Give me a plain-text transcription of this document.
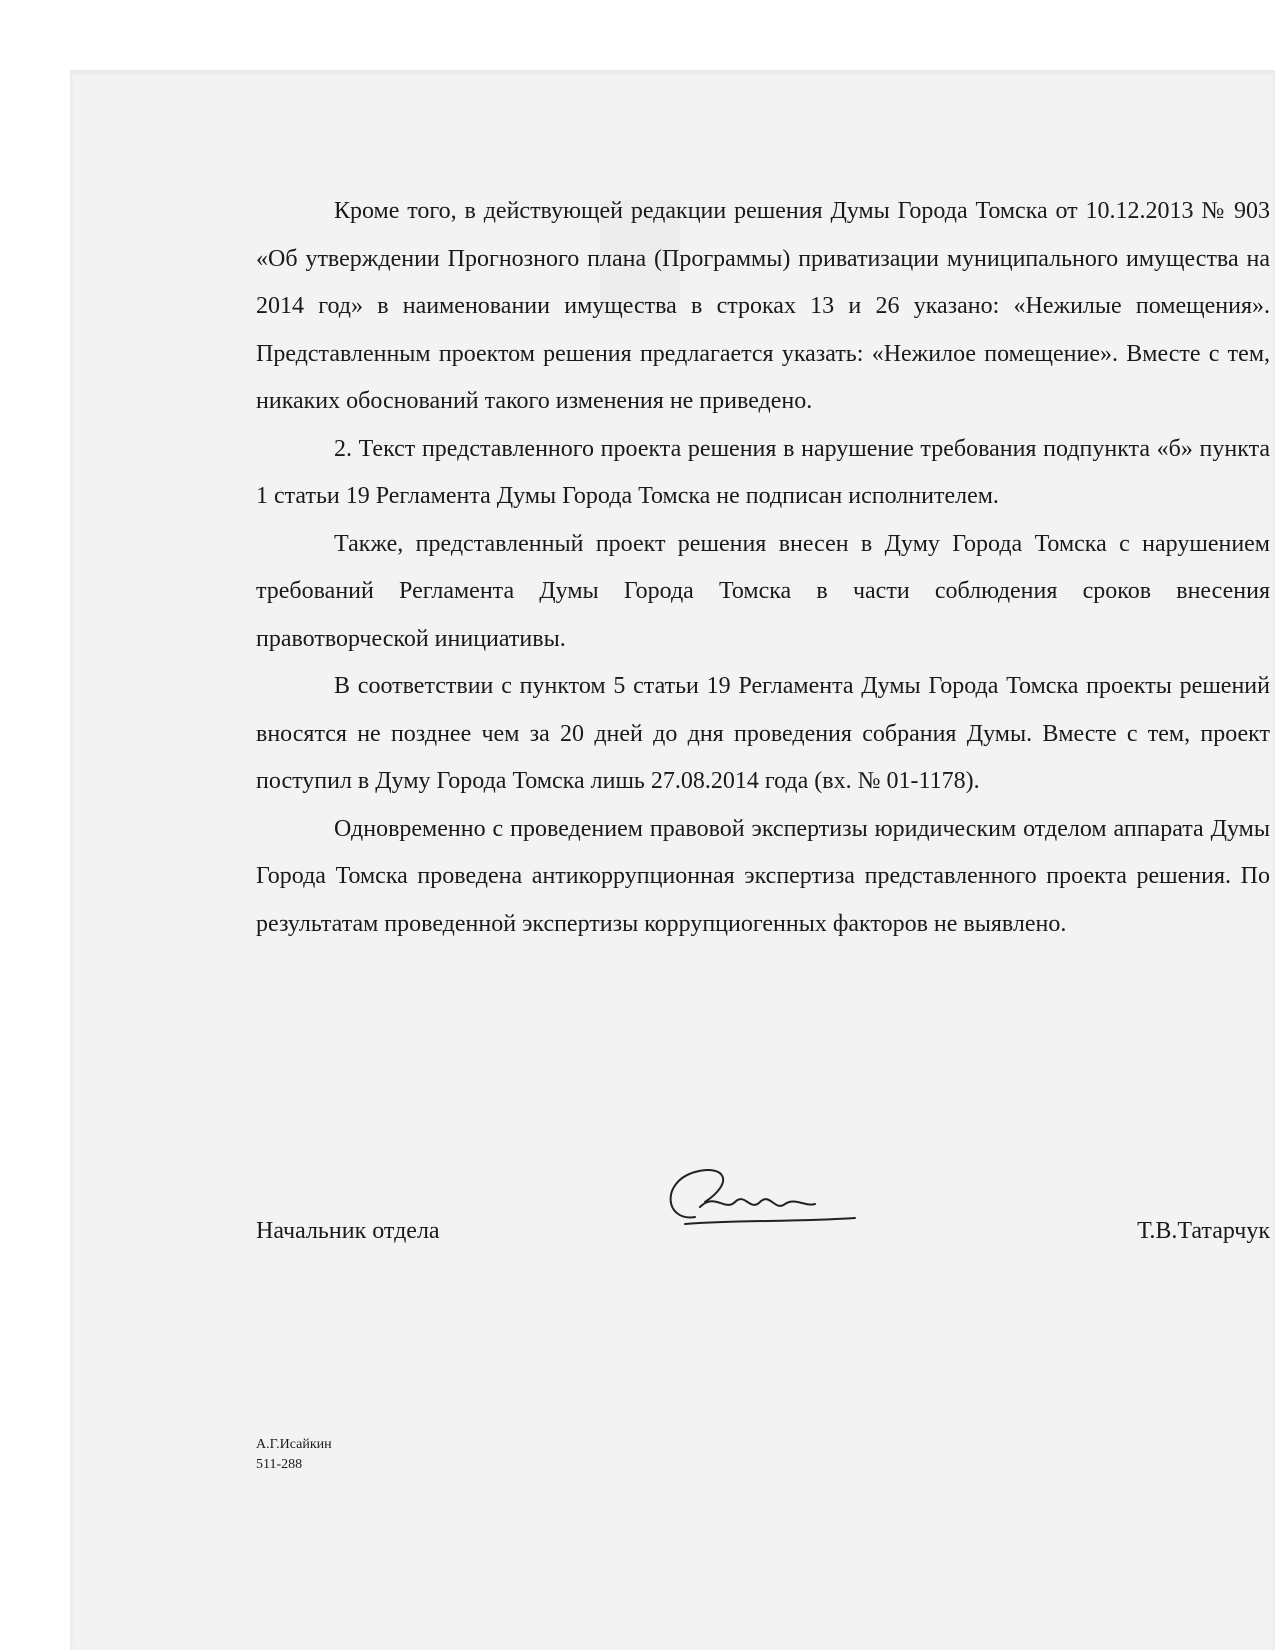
Кроме того, в действующей редакции решения Думы Города Томска от 10.12.2013 № 903 «Об утверждении Прогнозного плана (Программы) приватизации муниципального имущества на 2014 год» в наименовании имущества в строках 13 и 26 указано: «Нежилые помещения». Представленным проектом решения предлагается указать: «Нежилое помещение». Вместе с тем, никаких обоснований такого изменения не приведено.

2. Текст представленного проекта решения в нарушение требования подпункта «б» пункта 1 статьи 19 Регламента Думы Города Томска не подписан исполнителем.

Также, представленный проект решения внесен в Думу Города Томска с нарушением требований Регламента Думы Города Томска в части соблюдения сроков внесения правотворческой инициативы.

В соответствии с пунктом 5 статьи 19 Регламента Думы Города Томска проекты решений вносятся не позднее чем за 20 дней до дня проведения собрания Думы. Вместе с тем, проект поступил в Думу Города Томска лишь 27.08.2014 года (вх. № 01-1178).

Одновременно с проведением правовой экспертизы юридическим отделом аппарата Думы Города Томска проведена антикоррупционная экспертиза представленного проекта решения. По результатам проведенной экспертизы коррупциогенных факторов не выявлено.

Начальник отдела	Т.В.Татарчук
А.Г.Исайкин
511-288
